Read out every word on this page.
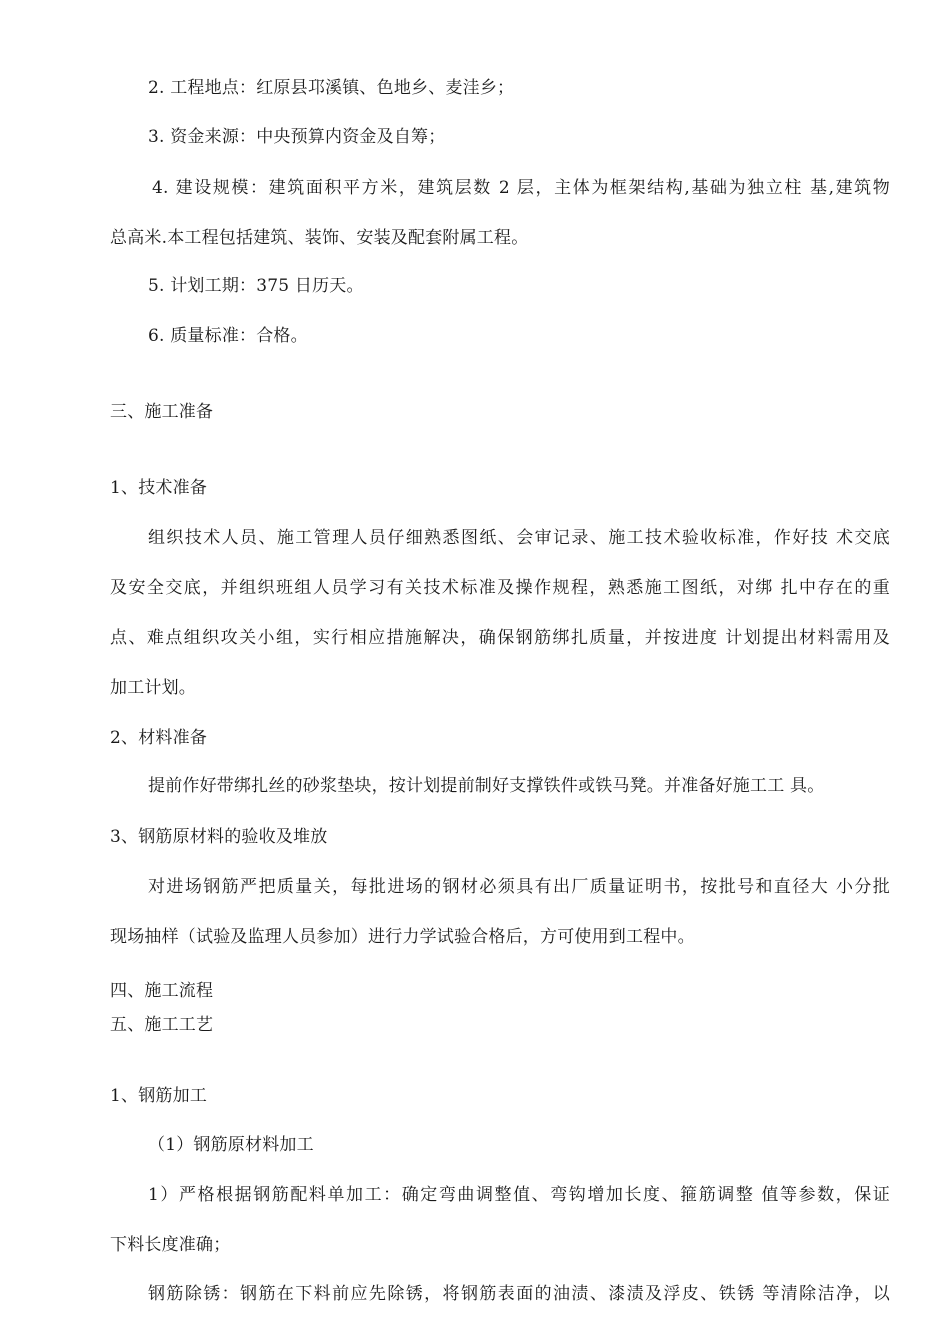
2. 工程地点：红原县邛溪镇、色地乡、麦洼乡；
3. 资金来源：中央预算内资金及自筹；
4. 建设规模：建筑面积平方米，建筑层数 2 层，主体为框架结构,基础为独立柱 基,建筑物
总高米.本工程包括建筑、装饰、安装及配套附属工程。
5. 计划工期：375 日历天。
6. 质量标准：合格。
三、施工准备
1、技术准备
组织技术人员、施工管理人员仔细熟悉图纸、会审记录、施工技术验收标准，作好技 术交底
及安全交底，并组织班组人员学习有关技术标准及操作规程，熟悉施工图纸，对绑 扎中存在的重
点、难点组织攻关小组，实行相应措施解决，确保钢筋绑扎质量，并按进度 计划提出材料需用及
加工计划。
2、材料准备
提前作好带绑扎丝的砂浆垫块，按计划提前制好支撑铁件或铁马凳。并准备好施工工 具。
3、钢筋原材料的验收及堆放
对进场钢筋严把质量关，每批进场的钢材必须具有出厂质量证明书，按批号和直径大 小分批
现场抽样（试验及监理人员参加）进行力学试验合格后，方可使用到工程中。
四、施工流程
五、施工工艺
1、钢筋加工
（1）钢筋原材料加工
1）严格根据钢筋配料单加工：确定弯曲调整值、弯钩增加长度、箍筋调整 值等参数，保证
下料长度准确；
钢筋除锈：钢筋在下料前应先除锈，将钢筋表面的油渍、漆渍及浮皮、铁锈 等清除洁净，以
